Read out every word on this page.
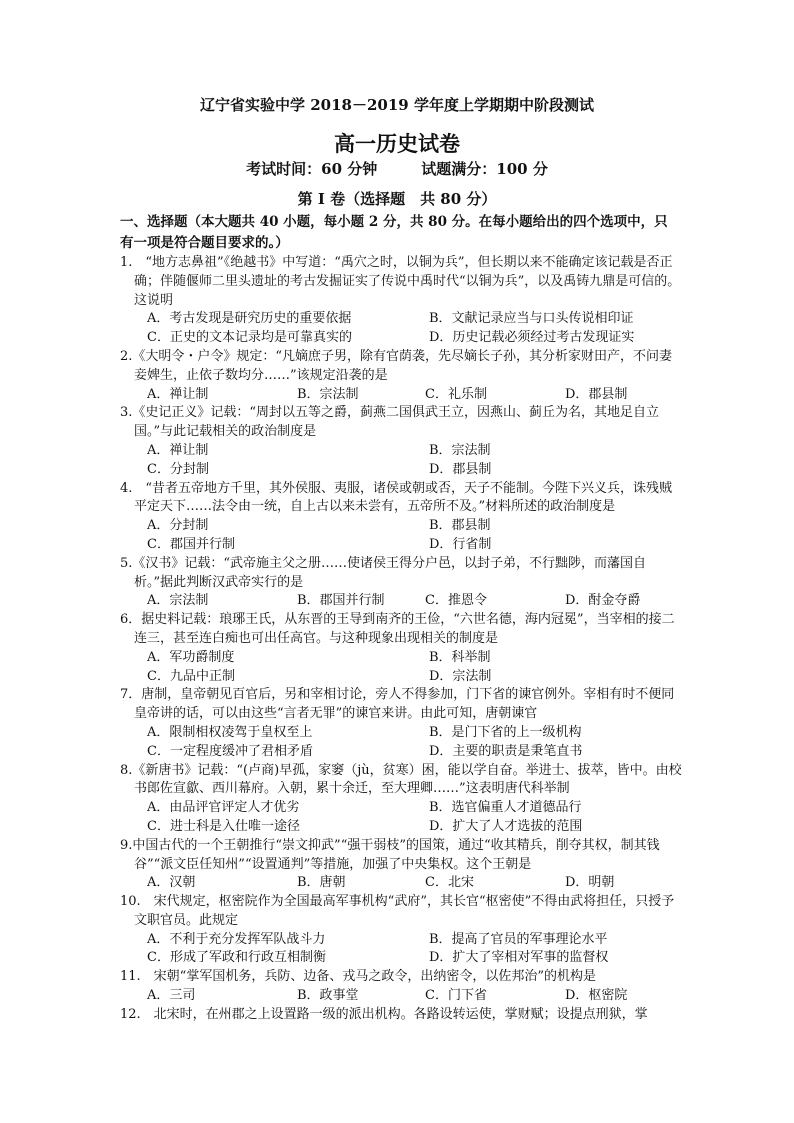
辽宁省实验中学 2018－2019 学年度上学期期中阶段测试
高一历史试卷
考试时间：60 分钟	试题满分：100 分
第 I 卷（选择题　共 80 分）
一、选择题（本大题共 40 小题，每小题 2 分，共 80 分。在每小题给出的四个选项中，只有一项是符合题目要求的。）
1.　“地方志鼻祖”《绝越书》中写道：“禹穴之时，以铜为兵”，但长期以来不能确定该记载是否正确；伴随偃师二里头遗址的考古发掘证实了传说中禹时代“以铜为兵”，以及禹铸九鼎是可信的。这说明
A．考古发现是研究历史的重要依据	B．文献记录应当与口头传说相印证
C．正史的文本记录均是可靠真实的	D．历史记载必须经过考古发现证实
2.《大明令・户令》规定：“凡嫡庶子男，除有官荫袭，先尽嫡长子孙，其分析家财田产，不问妻妾婢生，止依子数均分……”该规定沿袭的是
A．禅让制	B．宗法制	C．礼乐制	D．郡县制
3.《史记正义》记载：“周封以五等之爵，蓟燕二国俱武王立，因燕山、蓟丘为名，其地足自立国。”与此记载相关的政治制度是
A．禅让制	B．宗法制
C．分封制	D．郡县制
4.　“昔者五帝地方千里，其外侯服、夷服，诸侯或朝或否，天子不能制。今陛下兴义兵，诛残贼平定天下……法令由一统，自上古以来未尝有，五帝所不及。”材料所述的政治制度是
A．分封制	B．郡县制
C．郡国并行制	D．行省制
5.《汉书》记载：“武帝施主父之册……使诸侯王得分户邑，以封子弟，不行黜陟，而藩国自析。”据此判断汉武帝实行的是
A．宗法制	B．郡国并行制	C．推恩令	D．酎金夺爵
6．据史料记载：琅琊王氏，从东晋的王导到南齐的王俭，“六世名德，海内冠冕”，当宰相的接二连三，甚至连白痴也可出任高官。与这种现象出现相关的制度是
A．军功爵制度	B．科举制
C．九品中正制	D．宗法制
7．唐制，皇帝朝见百官后，另和宰相讨论，旁人不得参加，门下省的谏官例外。宰相有时不便同皇帝讲的话，可以由这些“言者无罪”的谏官来讲。由此可知，唐朝谏官
A．限制相权凌驾于皇权至上	B．是门下省的上一级机构
C．一定程度缓冲了君相矛盾	D．主要的职责是秉笔直书
8.《新唐书》记载：“(卢商)早孤，家窭（jù，贫寒）困，能以学自奋。举进士、拔萃，皆中。由校书郎佐宣歙、西川幕府。入朝，累十余迁，至大理卿……”这表明唐代科举制
A．由品评官评定人才优劣	B．选官偏重人才道德品行
C．进士科是入仕唯一途径	D．扩大了人才选拔的范围
9.中国古代的一个王朝推行“崇文抑武”“强干弱枝”的国策，通过“收其精兵，削夺其权，制其钱谷”“派文臣任知州”“设置通判”等措施，加强了中央集权。这个王朝是
A．汉朝	B．唐朝	C．北宋	D．明朝
10.　宋代规定，枢密院作为全国最高军事机构“武府”，其长官“枢密使”不得由武将担任，只授予文职官员。此规定
A．不利于充分发挥军队战斗力	B．提高了官员的军事理论水平
C．形成了军政和行政互相制衡	D．扩大了宰相对军事的监督权
11.　宋朝“掌军国机务，兵防、边备、戎马之政令，出纳密令，以佐邦治”的机构是
A．三司	B．政事堂	C．门下省	D．枢密院
12.　北宋时，在州郡之上设置路一级的派出机构。各路设转运使，掌财赋；设提点刑狱，掌
